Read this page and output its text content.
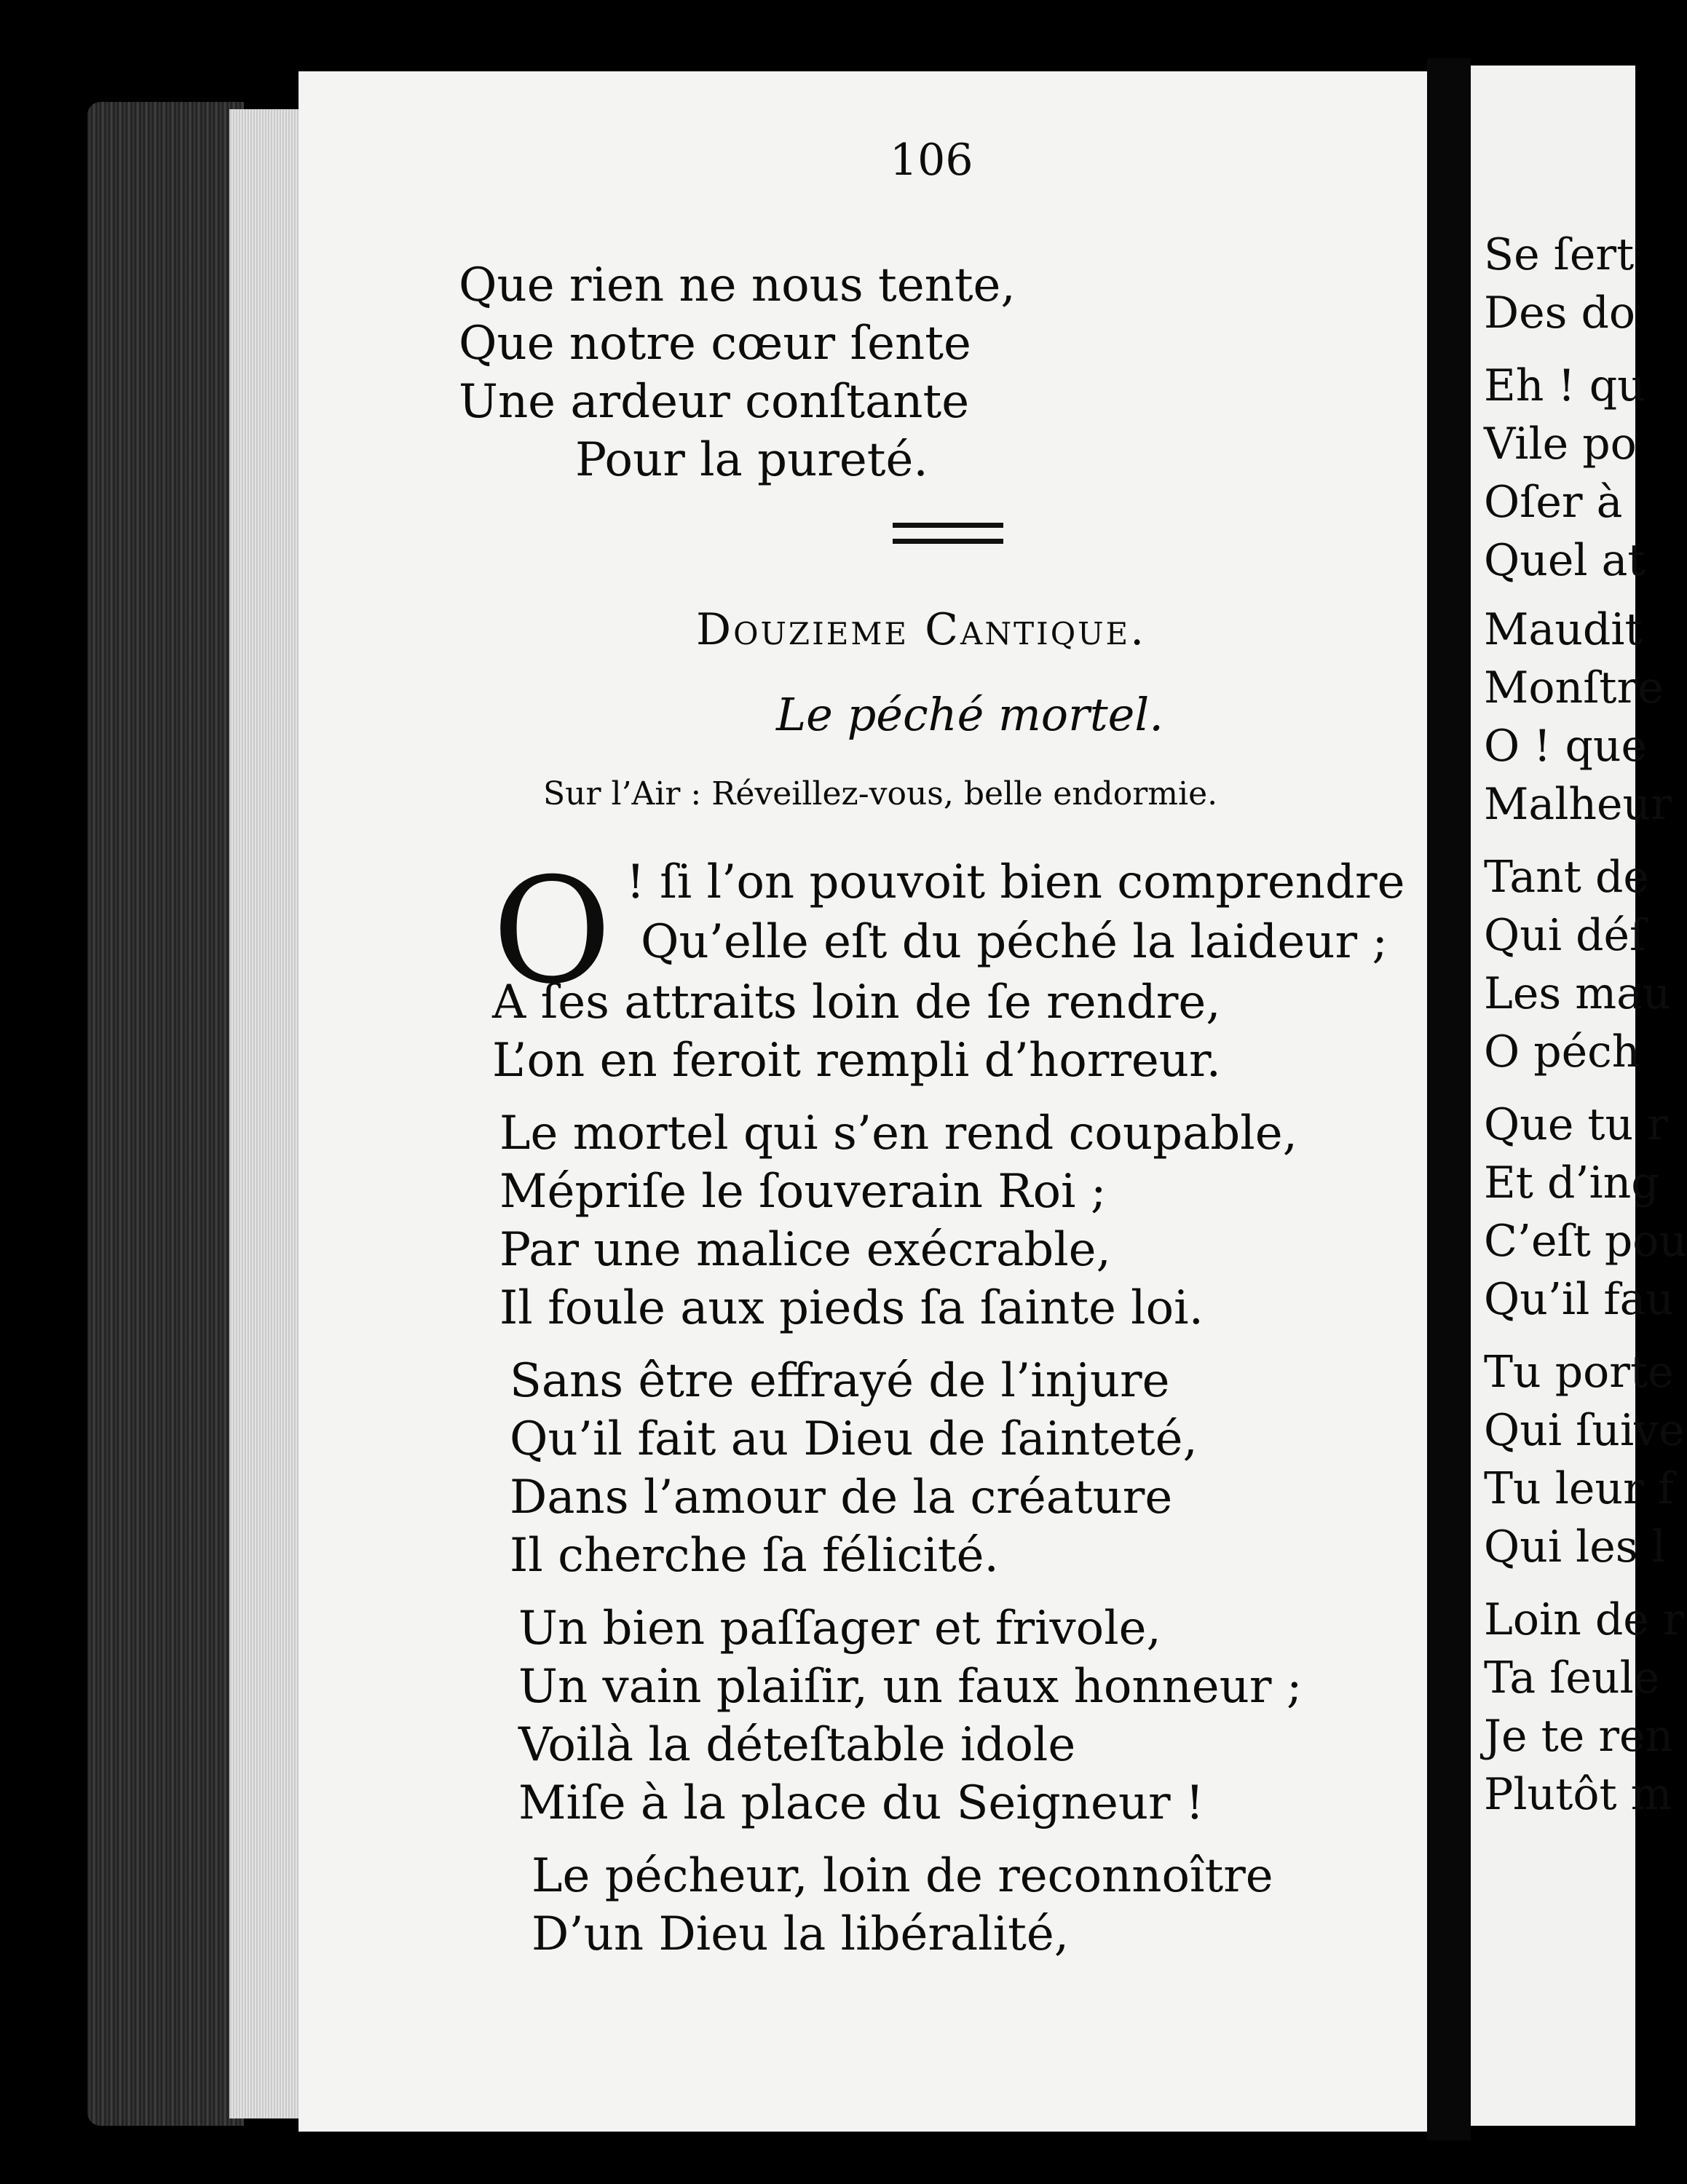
106
Que rien ne nous tente,
Que notre cœur ſente
Une ardeur conſtante
Pour la pureté.
Douzieme Cantique.
Le péché mortel.
Sur l’Air : Réveillez-vous, belle endormie.
O ! ſi l’on pouvoit bien comprendre
Qu’elle eſt du péché la laideur ;
A ſes attraits loin de ſe rendre,
L’on en feroit rempli d’horreur.
Le mortel qui s’en rend coupable,
Mépriſe le ſouverain Roi ;
Par une malice exécrable,
Il foule aux pieds ſa ſainte loi.
Sans être effrayé de l’injure
Qu’il fait au Dieu de ſainteté,
Dans l’amour de la créature
Il cherche ſa félicité.
Un bien paſſager et frivole,
Un vain plaiſir, un faux honneur ;
Voilà la déteſtable idole
Miſe à la place du Seigneur !
Le pécheur, loin de reconnoître
D’un Dieu la libéralité,
Se ſert
Des do
Eh ! qu
Vile po
Oſer à
Quel at
Maudit
Monſtre
O ! que
Malheur
Tant de
Qui déſ
Les mau
O péch
Que tu r
Et d’ing
C’eſt pou
Qu’il fau
Tu porte
Qui ſuive
Tu leur f
Qui les l
Loin de r
Ta ſeule
Je te ren
Plutôt m
